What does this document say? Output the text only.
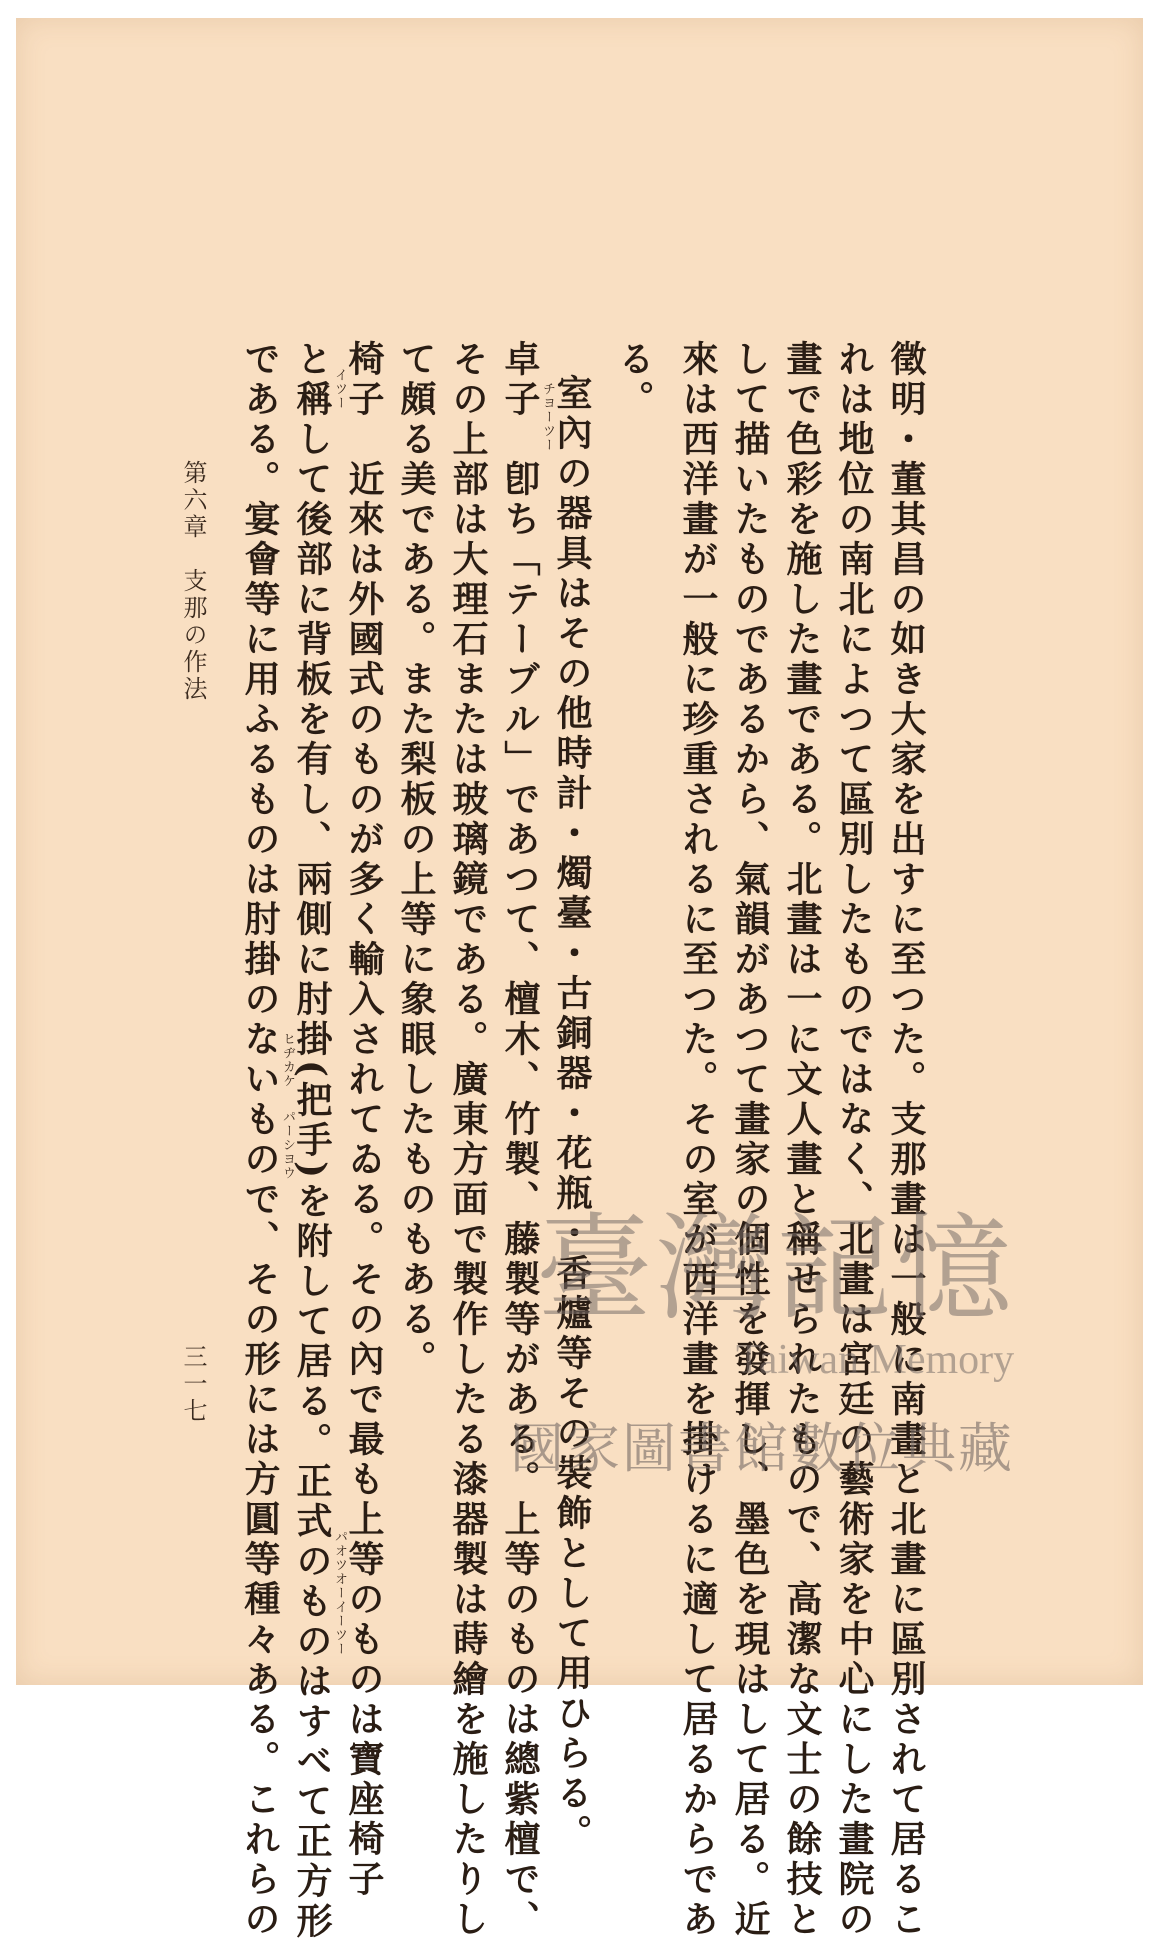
徵明・董其昌の如き大家を出すに至つた。支那畫は一般に南畫と北畫に區別されて居るこ
れは地位の南北によつて區別したものではなく、北畫は宮廷の藝術家を中心にした畫院の
畫で色彩を施した畫である。北畫は一に文人畫と稱せられたもので、高潔な文士の餘技と
して描いたものであるから、氣韻があつて畫家の個性を發揮し、墨色を現はして居る。近
來は西洋畫が一般に珍重されるに至つた。その室が西洋畫を掛けるに適して居るからであ
る。
室內の器具はその他時計・燭臺・古銅器・花瓶・香爐等その裝飾として用ひらる。
卓子　卽ち「テーブル」であつて、檀木、竹製、藤製等がある。上等のものは總紫檀で、
その上部は大理石または玻璃鏡である。廣東方面で製作したる漆器製は蒔繪を施したりし
て頗る美である。また梨板の上等に象眼したものもある。
椅子　近來は外國式のものが多く輸入されてゐる。その內で最も上等のものは寶座椅子
と稱して後部に背板を有し、兩側に肘掛(把手)を附して居る。正式のものはすべて正方形
である。宴會等に用ふるものは肘掛のないもので、その形には方圓等種々ある。これらの	チヨーツー
イツー
パオツオーイーツー
ヒヂカケ
パーシヨウ
第六章　支那の作法
三一七
臺灣記憶
Taiwan Memory
國家圖書館數位典藏
